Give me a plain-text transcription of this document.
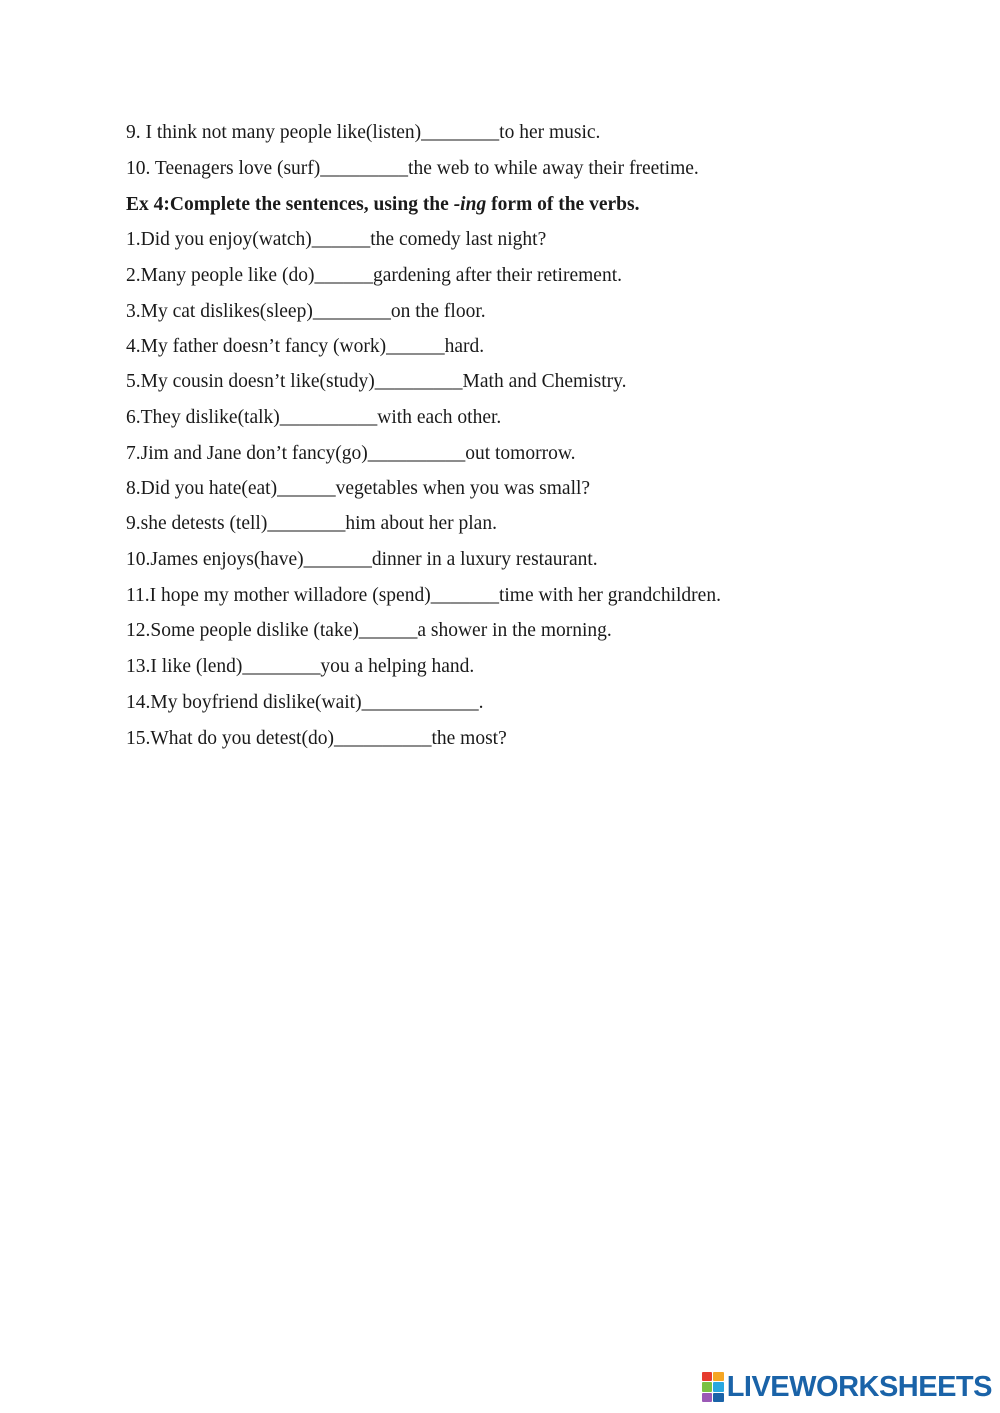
9. I think not many people like(listen)________to her music.
10. Teenagers love (surf)_________the web to while away their freetime.
Ex 4:Complete the sentences, using the -ing form of the verbs.
1.Did you enjoy(watch)______the comedy last night?
2.Many people like (do)______gardening after their retirement.
3.My cat dislikes(sleep)________on the floor.
4.My father doesn’t fancy (work)______hard.
5.My cousin doesn’t like(study)_________Math and Chemistry.
6.They dislike(talk)__________with each other.
7.Jim and Jane don’t fancy(go)__________out tomorrow.
8.Did you hate(eat)______vegetables when you was small?
9.she detests (tell)________him about her plan.
10.James enjoys(have)_______dinner in a luxury restaurant.
11.I hope my mother willadore (spend)_______time with her grandchildren.
12.Some people dislike (take)______a shower in the morning.
13.I like (lend)________you a helping hand.
14.My boyfriend dislike(wait)____________.
15.What do you detest(do)__________the most?
LIVEWORKSHEETS
